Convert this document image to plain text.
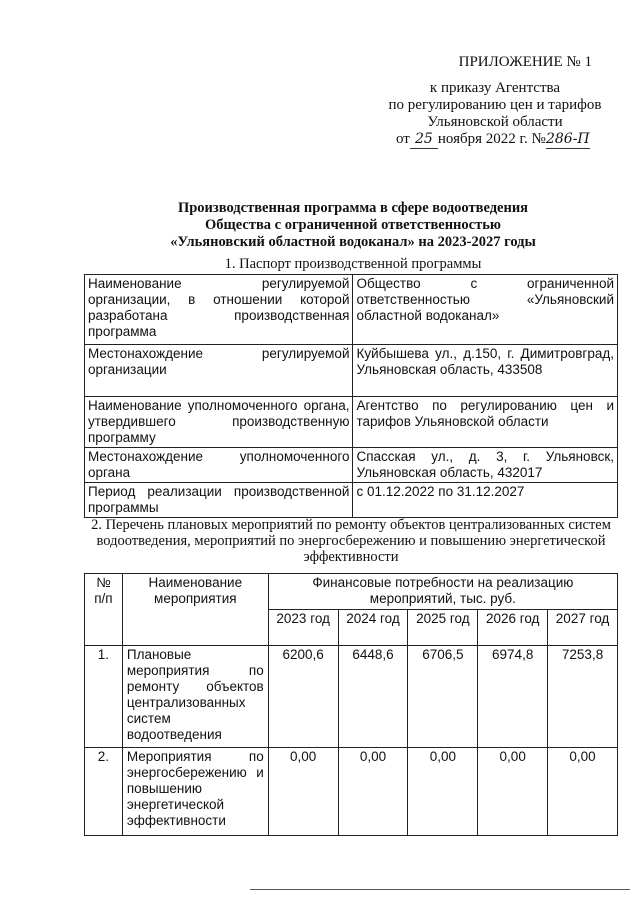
ПРИЛОЖЕНИЕ № 1
к приказу Агентства
по регулированию цен и тарифов
Ульяновской области
от 25 ноября 2022 г. №286-П
Производственная программа в сфере водоотведения
Общества с ограниченной ответственностью
«Ульяновский областной водоканал» на 2023-2027 годы
1. Паспорт производственной программы
Наименование регулируемой организации, в отношении которой разработана производственная программа	Общество с ограниченной ответственностью «Ульяновский областной водоканал»
Местонахождение регулируемой организации	Куйбышева ул., д.150, г. Димитровград, Ульяновская область, 433508
Наименование уполномоченного органа, утвердившего производственную программу	Агентство по регулированию цен и тарифов Ульяновской области
Местонахождение уполномоченного органа	Спасская ул., д. 3, г. Ульяновск, Ульяновская область, 432017
Период реализации производственной программы	с 01.12.2022 по 31.12.2027
2. Перечень плановых мероприятий по ремонту объектов централизованных систем водоотведения, мероприятий по энергосбережению и повышению энергетической эффективности
№ п/п	Наименование мероприятия	Финансовые потребности на реализацию мероприятий, тыс. руб.				
		2023 год	2024 год	2025 год	2026 год	2027 год
1.	Плановые мероприятия по ремонту объектов централизованных систем водоотведения	6200,6	6448,6	6706,5	6974,8	7253,8
2.	Мероприятия по энергосбережению и повышению энергетической эффективности	0,00	0,00	0,00	0,00	0,00
